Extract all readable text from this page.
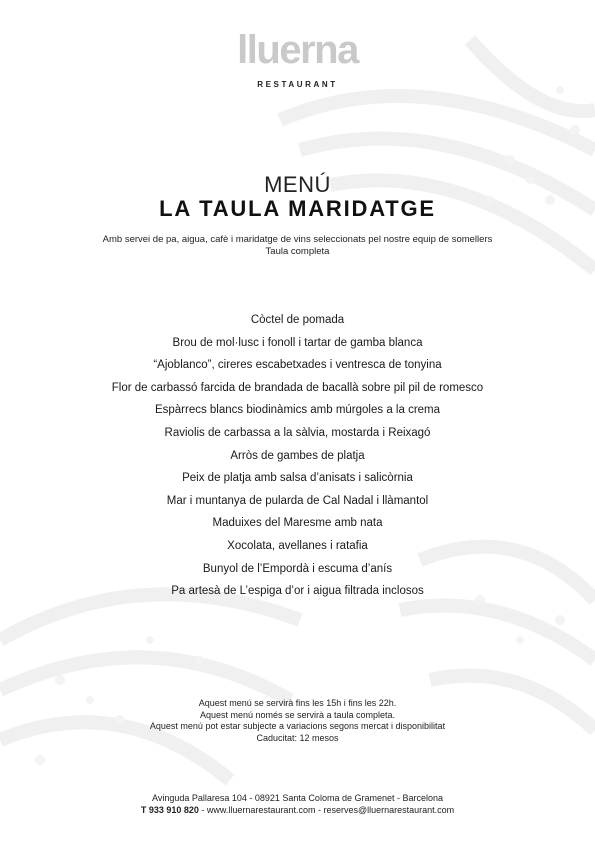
lluerna
RESTAURANT
MENÚ
LA TAULA MARIDATGE
Amb servei de pa, aigua, cafè i maridatge de vins seleccionats pel nostre equip de somellers
Taula completa
Còctel de pomada
Brou de mol·lusc i fonoll i tartar de gamba blanca
“Ajoblanco”, cireres escabetxades i ventresca de tonyina
Flor de carbassó farcida de brandada de bacallà sobre pil pil de romesco
Espàrrecs blancs biodinàmics amb múrgoles a la crema
Raviolis de carbassa a la sàlvia, mostarda i Reixagó
Arròs de gambes de platja
Peix de platja amb salsa d’anisats i salicòrnia
Mar i muntanya de pularda de Cal Nadal i llàmantol
Maduixes del Maresme amb nata
Xocolata, avellanes i ratafia
Bunyol de l’Empordà i escuma d’anís
Pa artesà de L’espiga d’or i aigua filtrada inclosos
Aquest menú se servirà fins les 15h i fins les 22h.
Aquest menú només se servirà a taula completa.
Aquest menú pot estar subjecte a variacions segons mercat i disponibilitat
Caducitat: 12 mesos
Avinguda Pallaresa 104 - 08921 Santa Coloma de Gramenet - Barcelona
T 933 910 820 - www.lluernarestaurant.com - reserves@lluernarestaurant.com
